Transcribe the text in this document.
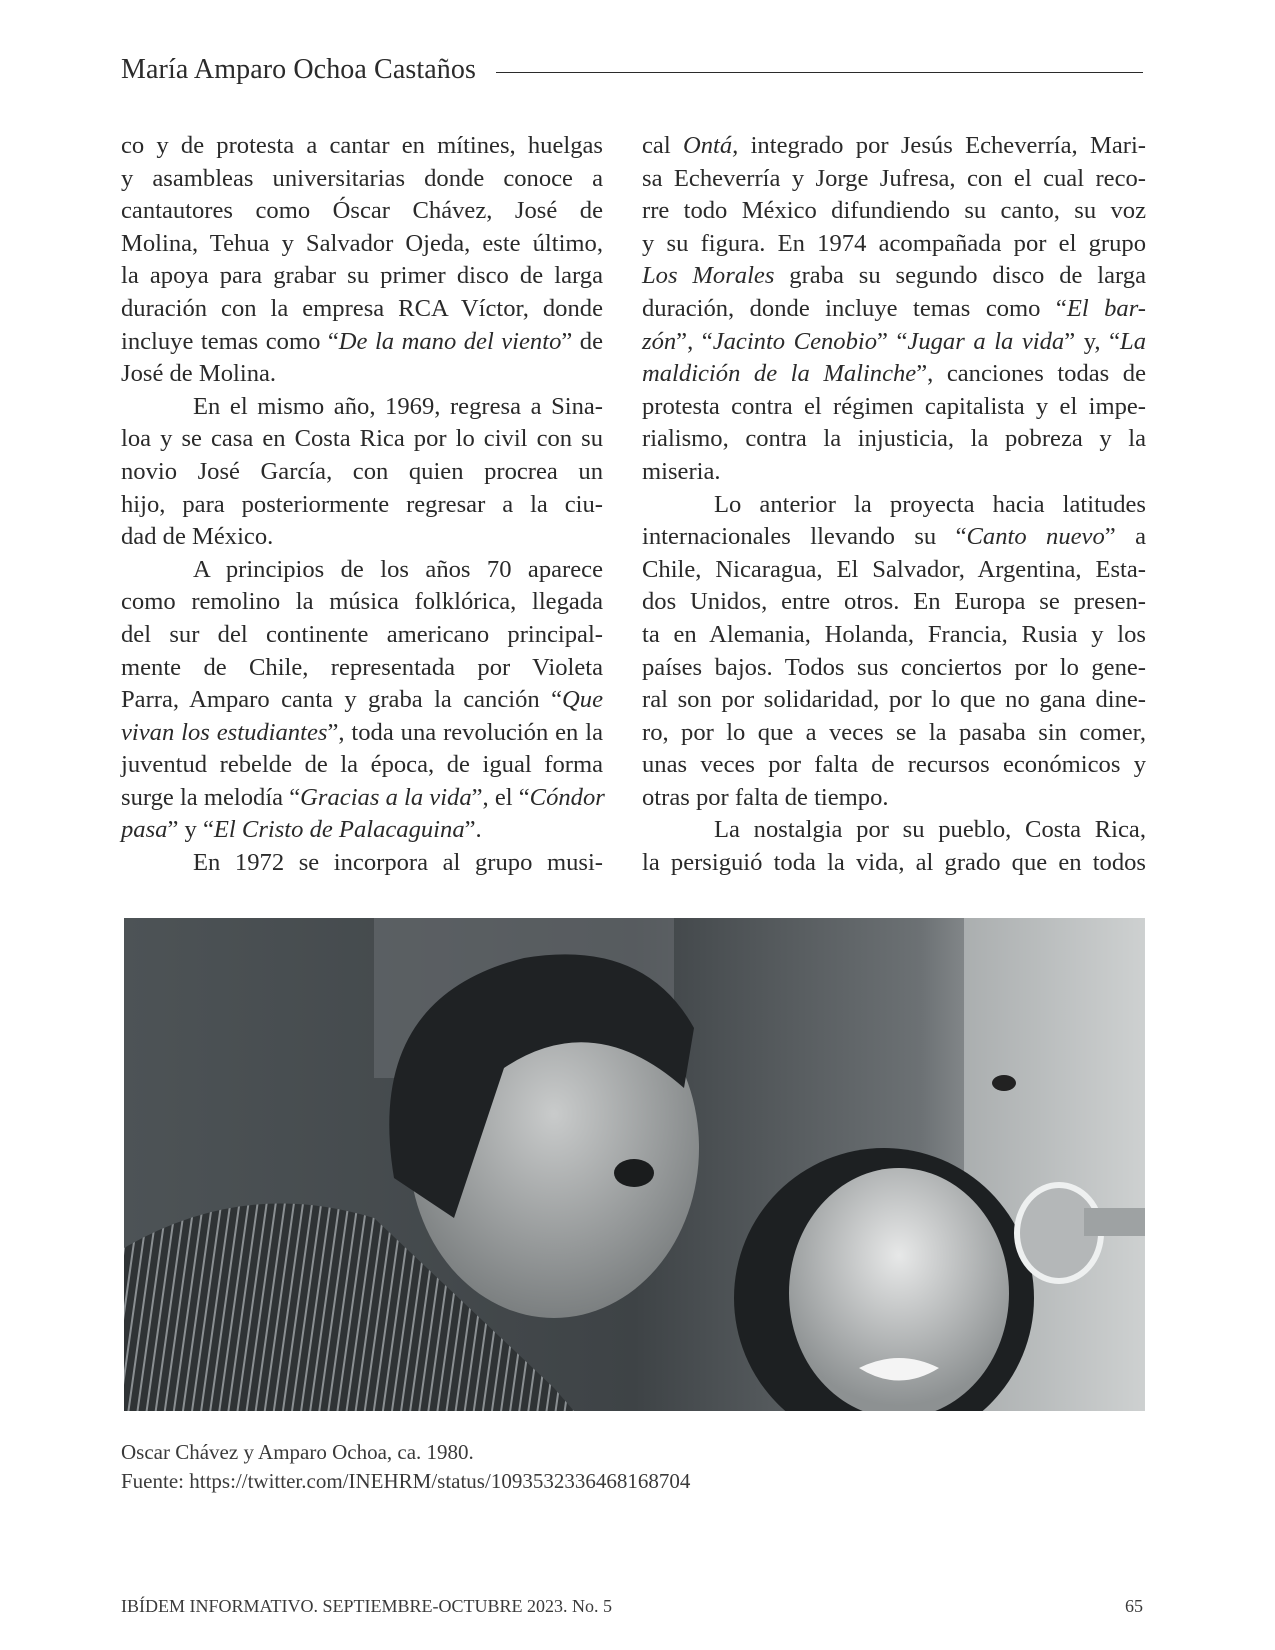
María Amparo Ochoa Castaños
co y de protesta a cantar en mítines, huelgas
y asambleas universitarias donde conoce a
cantautores como Óscar Chávez, José de
Molina, Tehua y Salvador Ojeda, este último,
la apoya para grabar su primer disco de larga
duración con la empresa RCA Víctor, donde
incluye temas como “De la mano del viento” de
José de Molina.
En el mismo año, 1969, regresa a Sina-
loa y se casa en Costa Rica por lo civil con su
novio José García, con quien procrea un
hijo, para posteriormente regresar a la ciu-
dad de México.
A principios de los años 70 aparece
como remolino la música folklórica, llegada
del sur del continente americano principal-
mente de Chile, representada por Violeta
Parra, Amparo canta y graba la canción “Que
vivan los estudiantes”, toda una revolución en la
juventud rebelde de la época, de igual forma
surge la melodía “Gracias a la vida”, el “Cóndor
pasa” y “El Cristo de Palacaguina”.
En 1972 se incorpora al grupo musi-
cal Ontá, integrado por Jesús Echeverría, Mari-
sa Echeverría y Jorge Jufresa, con el cual reco-
rre todo México difundiendo su canto, su voz
y su figura. En 1974 acompañada por el grupo
Los Morales graba su segundo disco de larga
duración, donde incluye temas como “El bar-
zón”, “Jacinto Cenobio” “Jugar a la vida” y, “La
maldición de la Malinche”, canciones todas de
protesta contra el régimen capitalista y el impe-
rialismo, contra la injusticia, la pobreza y la
miseria.
Lo anterior la proyecta hacia latitudes
internacionales llevando su “Canto nuevo” a
Chile, Nicaragua, El Salvador, Argentina, Esta-
dos Unidos, entre otros. En Europa se presen-
ta en Alemania, Holanda, Francia, Rusia y los
países bajos. Todos sus conciertos por lo gene-
ral son por solidaridad, por lo que no gana dine-
ro, por lo que a veces se la pasaba sin comer,
unas veces por falta de recursos económicos y
otras por falta de tiempo.
La nostalgia por su pueblo, Costa Rica,
la persiguió toda la vida, al grado que en todos
Oscar Chávez y Amparo Ochoa, ca. 1980.
Fuente: https://twitter.com/INEHRM/status/1093532336468168704
IBÍDEM INFORMATIVO. SEPTIEMBRE-OCTUBRE 2023. No. 5	65
